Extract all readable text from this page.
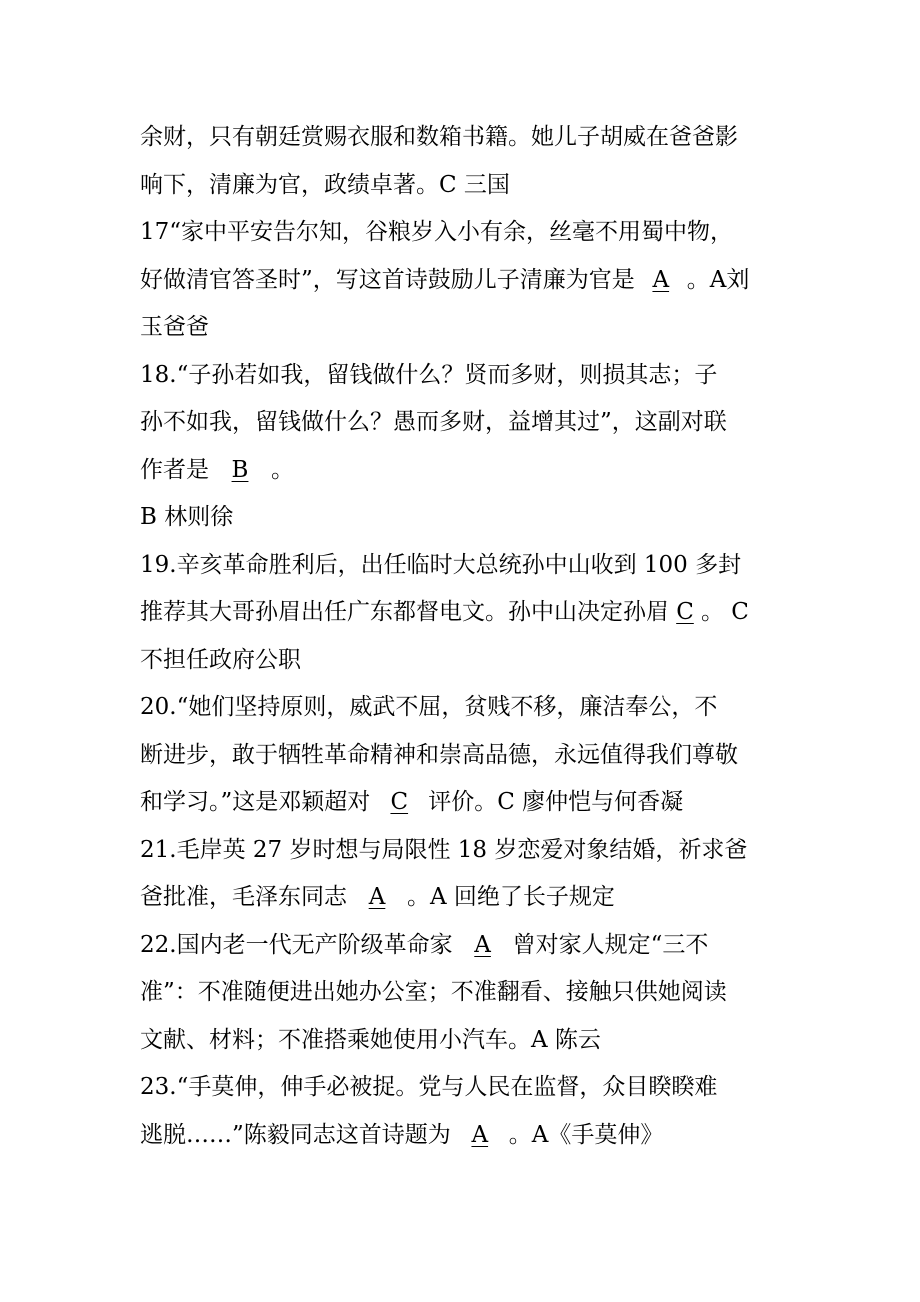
余财，只有朝廷赏赐衣服和数箱书籍。她儿子胡威在爸爸影
响下，清廉为官，政绩卓著。C 三国
17“家中平安告尔知，谷粮岁入小有余，丝毫不用蜀中物，
好做清官答圣时”，写这首诗鼓励儿子清廉为官是 A 。A刘
玉爸爸
18.“子孙若如我，留钱做什么？贤而多财，则损其志；子
孙不如我，留钱做什么？愚而多财，益增其过”，这副对联
作者是 B 。
B 林则徐
19.辛亥革命胜利后，出任临时大总统孙中山收到 100 多封
推荐其大哥孙眉出任广东都督电文。孙中山决定孙眉 C 。 C
不担任政府公职
20.“她们坚持原则，威武不屈，贫贱不移，廉洁奉公，不
断进步，敢于牺牲革命精神和崇高品德，永远值得我们尊敬
和学习。”这是邓颖超对 C 评价。C 廖仲恺与何香凝
21.毛岸英 27 岁时想与局限性 18 岁恋爱对象结婚，祈求爸
爸批准，毛泽东同志 A 。A 回绝了长子规定
22.国内老一代无产阶级革命家 A 曾对家人规定“三不
准”：不准随便进出她办公室；不准翻看、接触只供她阅读
文献、材料；不准搭乘她使用小汽车。A 陈云
23.“手莫伸，伸手必被捉。党与人民在监督，众目睽睽难
逃脱……”陈毅同志这首诗题为 A 。A《手莫伸》
